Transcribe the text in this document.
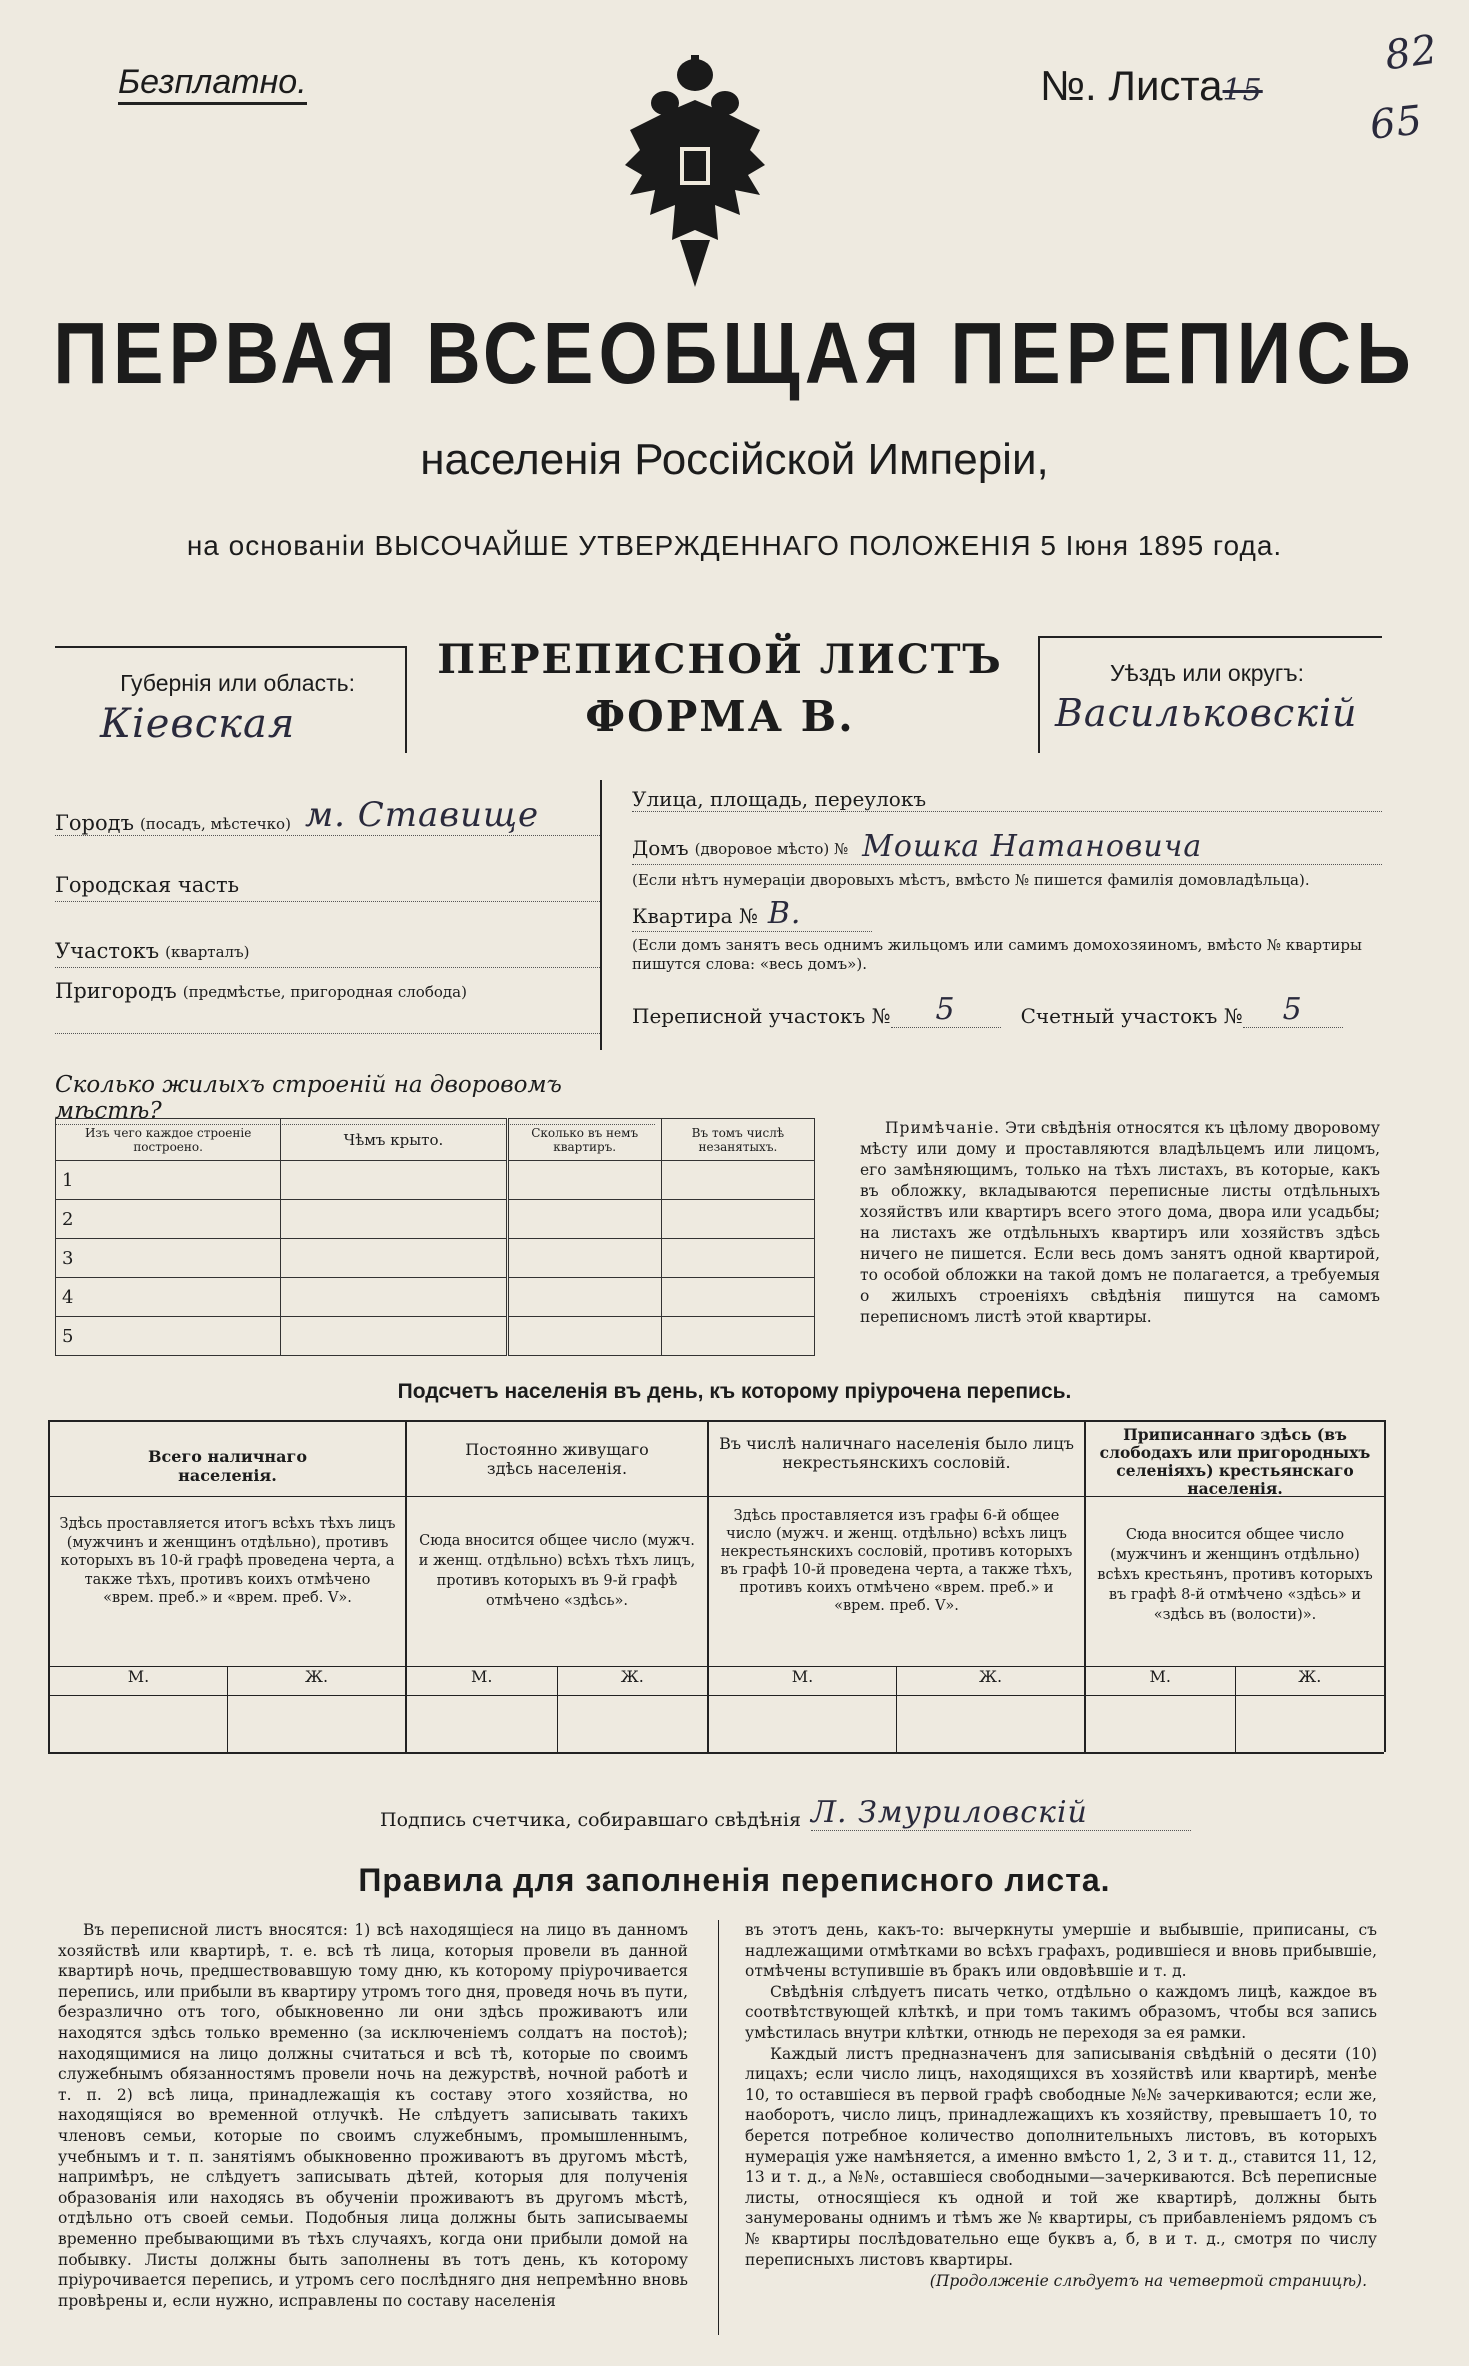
Безплатно.	№. Листа15
82
65
ПЕРВАЯ ВСЕОБЩАЯ ПЕРЕПИСЬ
населенія Россійской Имперіи,
на основаніи ВЫСОЧАЙШЕ УТВЕРЖДЕННАГО ПОЛОЖЕНІЯ 5 Іюня 1895 года.
Губернія или область:
Кіевская
ПЕРЕПИСНОЙ ЛИСТЪ
ФОРМА В.
Уѣздъ или округъ:
Васильковскій
Городъ (посадъ, мѣстечко) м. Ставище
Городская часть
Участокъ (кварталъ)
Пригородъ (предмѣстье, пригородная слобода)
Улица, площадь, переулокъ
Домъ (дворовое мѣсто) № Мошка Натановича
(Если нѣтъ нумераціи дворовыхъ мѣстъ, вмѣсто № пишется фамилія домовладѣльца).
Квартира № В.
(Если домъ занятъ весь однимъ жильцомъ или самимъ домохозяиномъ, вмѣсто № квартиры пишутся слова: «весь домъ»).
Переписной участокъ №	5	Счетный участокъ №	5
Сколько жилыхъ строеній на дворовомъ мѣстѣ?
Изъ чего каждое строеніе построено.	Чѣмъ крыто.	Сколько въ немъ квартиръ.	Въ томъ числѣ незанятыхъ.
1			
2			
3			
4			
5			
Примѣчаніе. Эти свѣдѣнія относятся къ цѣлому дворовому мѣсту или дому и проставляются владѣльцемъ или лицомъ, его замѣняющимъ, только на тѣхъ листахъ, въ которые, какъ въ обложку, вкладываются переписные листы отдѣльныхъ хозяйствъ или квартиръ всего этого дома, двора или усадьбы; на листахъ же отдѣльныхъ квартиръ или хозяйствъ здѣсь ничего не пишется. Если весь домъ занятъ одной квартирой, то особой обложки на такой домъ не полагается, а требуемыя о жилыхъ строеніяхъ свѣдѣнія пишутся на самомъ переписномъ листѣ этой квартиры.
Подсчетъ населенія въ день, къ которому пріурочена перепись.
Всего наличнаго населенія.
Здѣсь проставляется итогъ всѣхъ тѣхъ лицъ (мужчинъ и женщинъ отдѣльно), противъ которыхъ въ 10-й графѣ проведена черта, а также тѣхъ, противъ коихъ отмѣчено «врем. преб.» и «врем. преб. V».
М.	Ж.
Постоянно живущаго здѣсь населенія.
Сюда вносится общее число (мужч. и женщ. отдѣльно) всѣхъ тѣхъ лицъ, противъ которыхъ въ 9-й графѣ отмѣчено «здѣсь».
М.	Ж.
Въ числѣ наличнаго населенія было лицъ некрестьянскихъ сословій.
Здѣсь проставляется изъ графы 6-й общее число (мужч. и женщ. отдѣльно) всѣхъ лицъ некрестьянскихъ сословій, противъ которыхъ въ графѣ 10-й проведена черта, а также тѣхъ, противъ коихъ отмѣчено «врем. преб.» и «врем. преб. V».
М.	Ж.
Приписаннаго здѣсь (въ слободахъ или пригородныхъ селеніяхъ) крестьянскаго населенія.
Сюда вносится общее число (мужчинъ и женщинъ отдѣльно) всѣхъ крестьянъ, противъ которыхъ въ графѣ 8-й отмѣчено «здѣсь» и «здѣсь въ (волости)».
М.	Ж.
Подпись счетчика, собиравшаго свѣдѣнія Л. Змуриловскій
Правила для заполненія переписного листа.
Въ переписной листъ вносятся: 1) всѣ находящіеся на лицо въ данномъ хозяйствѣ или квартирѣ, т. е. всѣ тѣ лица, которыя провели въ данной квартирѣ ночь, предшествовавшую тому дню, къ которому пріурочивается перепись, или прибыли въ квартиру утромъ того дня, проведя ночь въ пути, безразлично отъ того, обыкновенно ли они здѣсь проживаютъ или находятся здѣсь только временно (за исключеніемъ солдатъ на постоѣ); находящимися на лицо должны считаться и всѣ тѣ, которые по своимъ служебнымъ обязанностямъ провели ночь на дежурствѣ, ночной работѣ и т. п. 2) всѣ лица, принадлежащія къ составу этого хозяйства, но находящіяся во временной отлучкѣ. Не слѣдуетъ записывать такихъ членовъ семьи, которые по своимъ служебнымъ, промышленнымъ, учебнымъ и т. п. занятіямъ обыкновенно проживаютъ въ другомъ мѣстѣ, напримѣръ, не слѣдуетъ записывать дѣтей, которыя для полученія образованія или находясь въ обученіи проживаютъ въ другомъ мѣстѣ, отдѣльно отъ своей семьи. Подобныя лица должны быть записываемы временно пребывающими въ тѣхъ случаяхъ, когда они прибыли домой на побывку. Листы должны быть заполнены въ тотъ день, къ которому пріурочивается перепись, и утромъ сего послѣдняго дня непремѣнно вновь провѣрены и, если нужно, исправлены по составу населенія
въ этотъ день, какъ-то: вычеркнуты умершіе и выбывшіе, приписаны, съ надлежащими отмѣтками во всѣхъ графахъ, родившіеся и вновь прибывшіе, отмѣчены вступившіе въ бракъ или овдовѣвшіе и т. д.
Свѣдѣнія слѣдуетъ писать четко, отдѣльно о каждомъ лицѣ, каждое въ соотвѣтствующей клѣткѣ, и при томъ такимъ образомъ, чтобы вся запись умѣстилась внутри клѣтки, отнюдь не переходя за ея рамки.
Каждый листъ предназначенъ для записыванія свѣдѣній о десяти (10) лицахъ; если число лицъ, находящихся въ хозяйствѣ или квартирѣ, менѣе 10, то оставшіеся въ первой графѣ свободные №№ зачеркиваются; если же, наоборотъ, число лицъ, принадлежащихъ къ хозяйству, превышаетъ 10, то берется потребное количество дополнительныхъ листовъ, въ которыхъ нумерація уже намѣняется, а именно вмѣсто 1, 2, 3 и т. д., ставится 11, 12, 13 и т. д., а №№, оставшіеся свободными—зачеркиваются. Всѣ переписные листы, относящіеся къ одной и той же квартирѣ, должны быть занумерованы однимъ и тѣмъ же № квартиры, съ прибавленіемъ рядомъ съ № квартиры послѣдовательно еще буквъ а, б, в и т. д., смотря по числу переписныхъ листовъ квартиры.
(Продолженіе слѣдуетъ на четвертой страницѣ).
